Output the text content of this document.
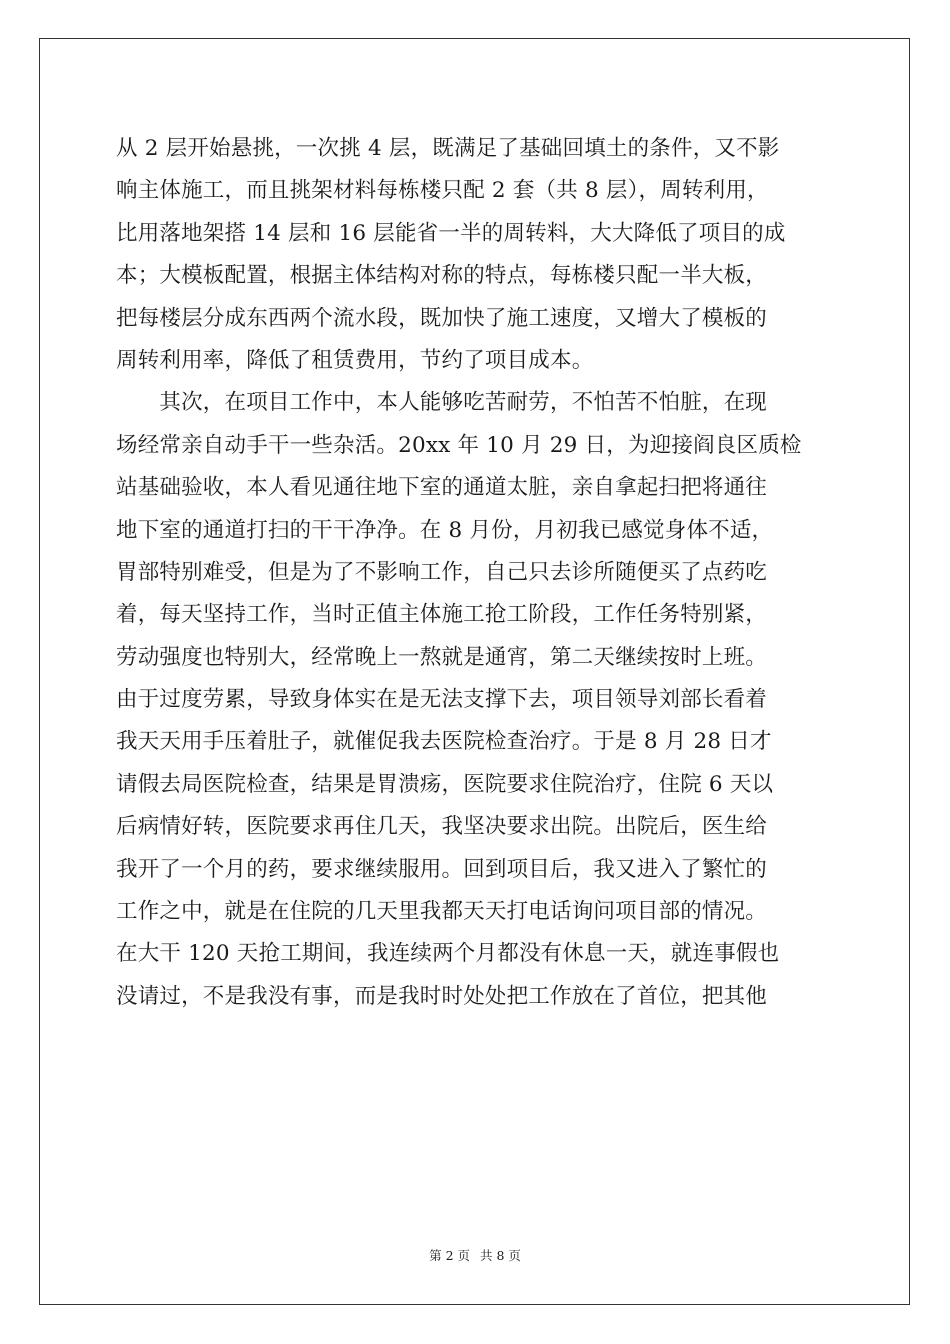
从 2 层开始悬挑，一次挑 4 层，既满足了基础回填土的条件，又不影
响主体施工，而且挑架材料每栋楼只配 2 套（共 8 层），周转利用，
比用落地架搭 14 层和 16 层能省一半的周转料，大大降低了项目的成
本；大模板配置，根据主体结构对称的特点，每栋楼只配一半大板，
把每楼层分成东西两个流水段，既加快了施工速度，又增大了模板的
周转利用率，降低了租赁费用，节约了项目成本。
　　其次，在项目工作中，本人能够吃苦耐劳，不怕苦不怕脏，在现
场经常亲自动手干一些杂活。20xx 年 10 月 29 日，为迎接阎良区质检
站基础验收，本人看见通往地下室的通道太脏，亲自拿起扫把将通往
地下室的通道打扫的干干净净。在 8 月份，月初我已感觉身体不适，
胃部特别难受，但是为了不影响工作，自己只去诊所随便买了点药吃
着，每天坚持工作，当时正值主体施工抢工阶段，工作任务特别紧，
劳动强度也特别大，经常晚上一熬就是通宵，第二天继续按时上班。
由于过度劳累，导致身体实在是无法支撑下去，项目领导刘部长看着
我天天用手压着肚子，就催促我去医院检查治疗。于是 8 月 28 日才
请假去局医院检查，结果是胃溃疡，医院要求住院治疗，住院 6 天以
后病情好转，医院要求再住几天，我坚决要求出院。出院后，医生给
我开了一个月的药，要求继续服用。回到项目后，我又进入了繁忙的
工作之中，就是在住院的几天里我都天天打电话询问项目部的情况。
在大干 120 天抢工期间，我连续两个月都没有休息一天，就连事假也
没请过，不是我没有事，而是我时时处处把工作放在了首位，把其他
第 2 页 共 8 页
